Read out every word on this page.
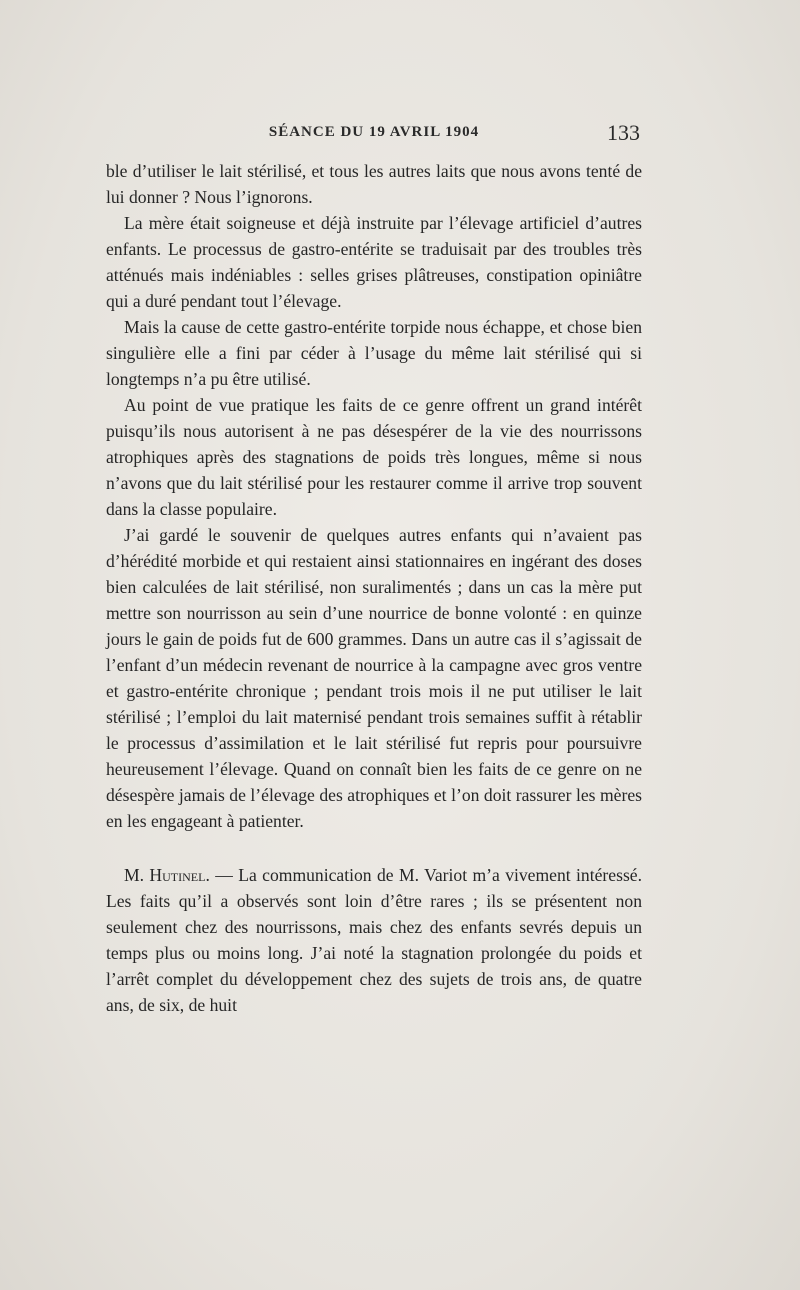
SÉANCE DU 19 AVRIL 1904	133

ble d’utiliser le lait stérilisé, et tous les autres laits que nous avons tenté de lui donner ? Nous l’ignorons.

La mère était soigneuse et déjà instruite par l’élevage artificiel d’autres enfants. Le processus de gastro-entérite se traduisait par des troubles très atténués mais indéniables : selles grises plâtreuses, constipation opiniâtre qui a duré pendant tout l’élevage.

Mais la cause de cette gastro-entérite torpide nous échappe, et chose bien singulière elle a fini par céder à l’usage du même lait stérilisé qui si longtemps n’a pu être utilisé.

Au point de vue pratique les faits de ce genre offrent un grand intérêt puisqu’ils nous autorisent à ne pas désespérer de la vie des nourrissons atrophiques après des stagnations de poids très longues, même si nous n’avons que du lait stérilisé pour les restaurer comme il arrive trop souvent dans la classe populaire.

J’ai gardé le souvenir de quelques autres enfants qui n’avaient pas d’hérédité morbide et qui restaient ainsi stationnaires en ingérant des doses bien calculées de lait stérilisé, non suralimentés ; dans un cas la mère put mettre son nourrisson au sein d’une nourrice de bonne volonté : en quinze jours le gain de poids fut de 600 grammes. Dans un autre cas il s’agissait de l’enfant d’un médecin revenant de nourrice à la campagne avec gros ventre et gastro-entérite chronique ; pendant trois mois il ne put utiliser le lait stérilisé ; l’emploi du lait maternisé pendant trois semaines suffit à rétablir le processus d’assimilation et le lait stérilisé fut repris pour poursuivre heureusement l’élevage. Quand on connaît bien les faits de ce genre on ne désespère jamais de l’élevage des atrophiques et l’on doit rassurer les mères en les engageant à patienter.

M. Hutinel. — La communication de M. Variot m’a vivement intéressé. Les faits qu’il a observés sont loin d’être rares ; ils se présentent non seulement chez des nourrissons, mais chez des enfants sevrés depuis un temps plus ou moins long. J’ai noté la stagnation prolongée du poids et l’arrêt complet du développement chez des sujets de trois ans, de quatre ans, de six, de huit
